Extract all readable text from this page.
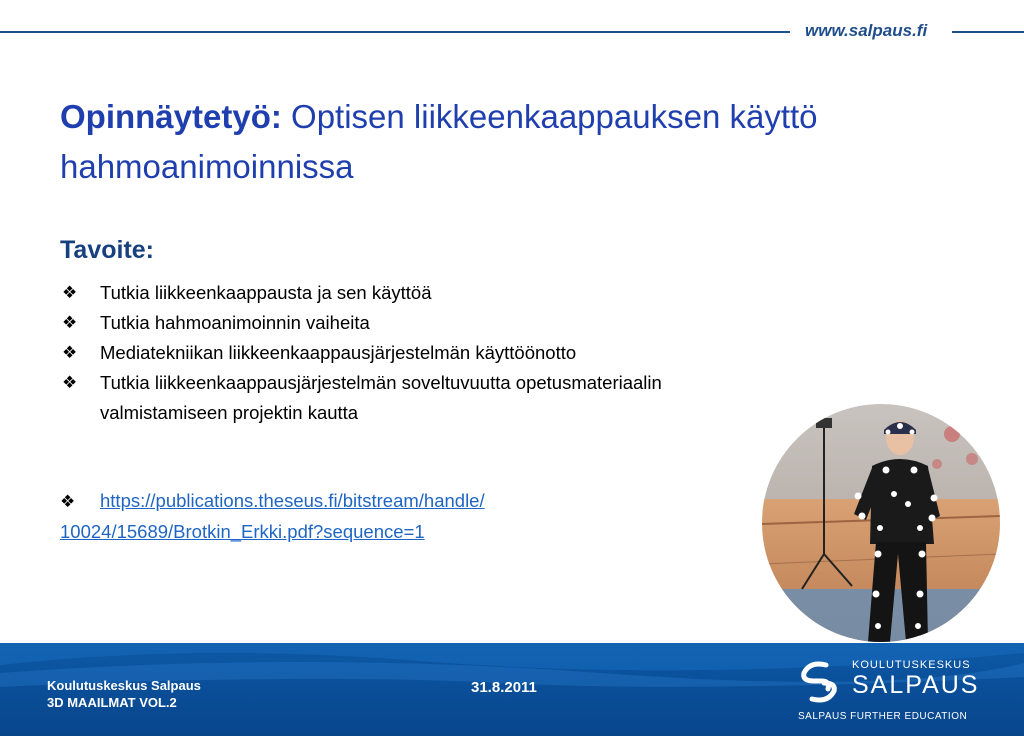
www.salpaus.fi
Opinnäytetyö: Optisen liikkeenkaappauksen käyttö hahmoanimoinnissa
Tavoite:
❖ Tutkia liikkeenkaappausta ja sen käyttöä
❖ Tutkia hahmoanimoinnin vaiheita
❖ Mediatekniikan liikkeenkaappausjärjestelmän käyttöönotto
❖ Tutkia liikkeenkaappausjärjestelmän soveltuvuutta opetusmateriaalin valmistamiseen projektin kautta
❖ https://publications.theseus.fi/bitstream/handle/
10024/15689/Brotkin_Erkki.pdf?sequence=1
Koulutuskeskus Salpaus
3D MAAILMAT VOL.2
31.8.2011
KOULUTUSKESKUS
SALPAUS
SALPAUS FURTHER EDUCATION
